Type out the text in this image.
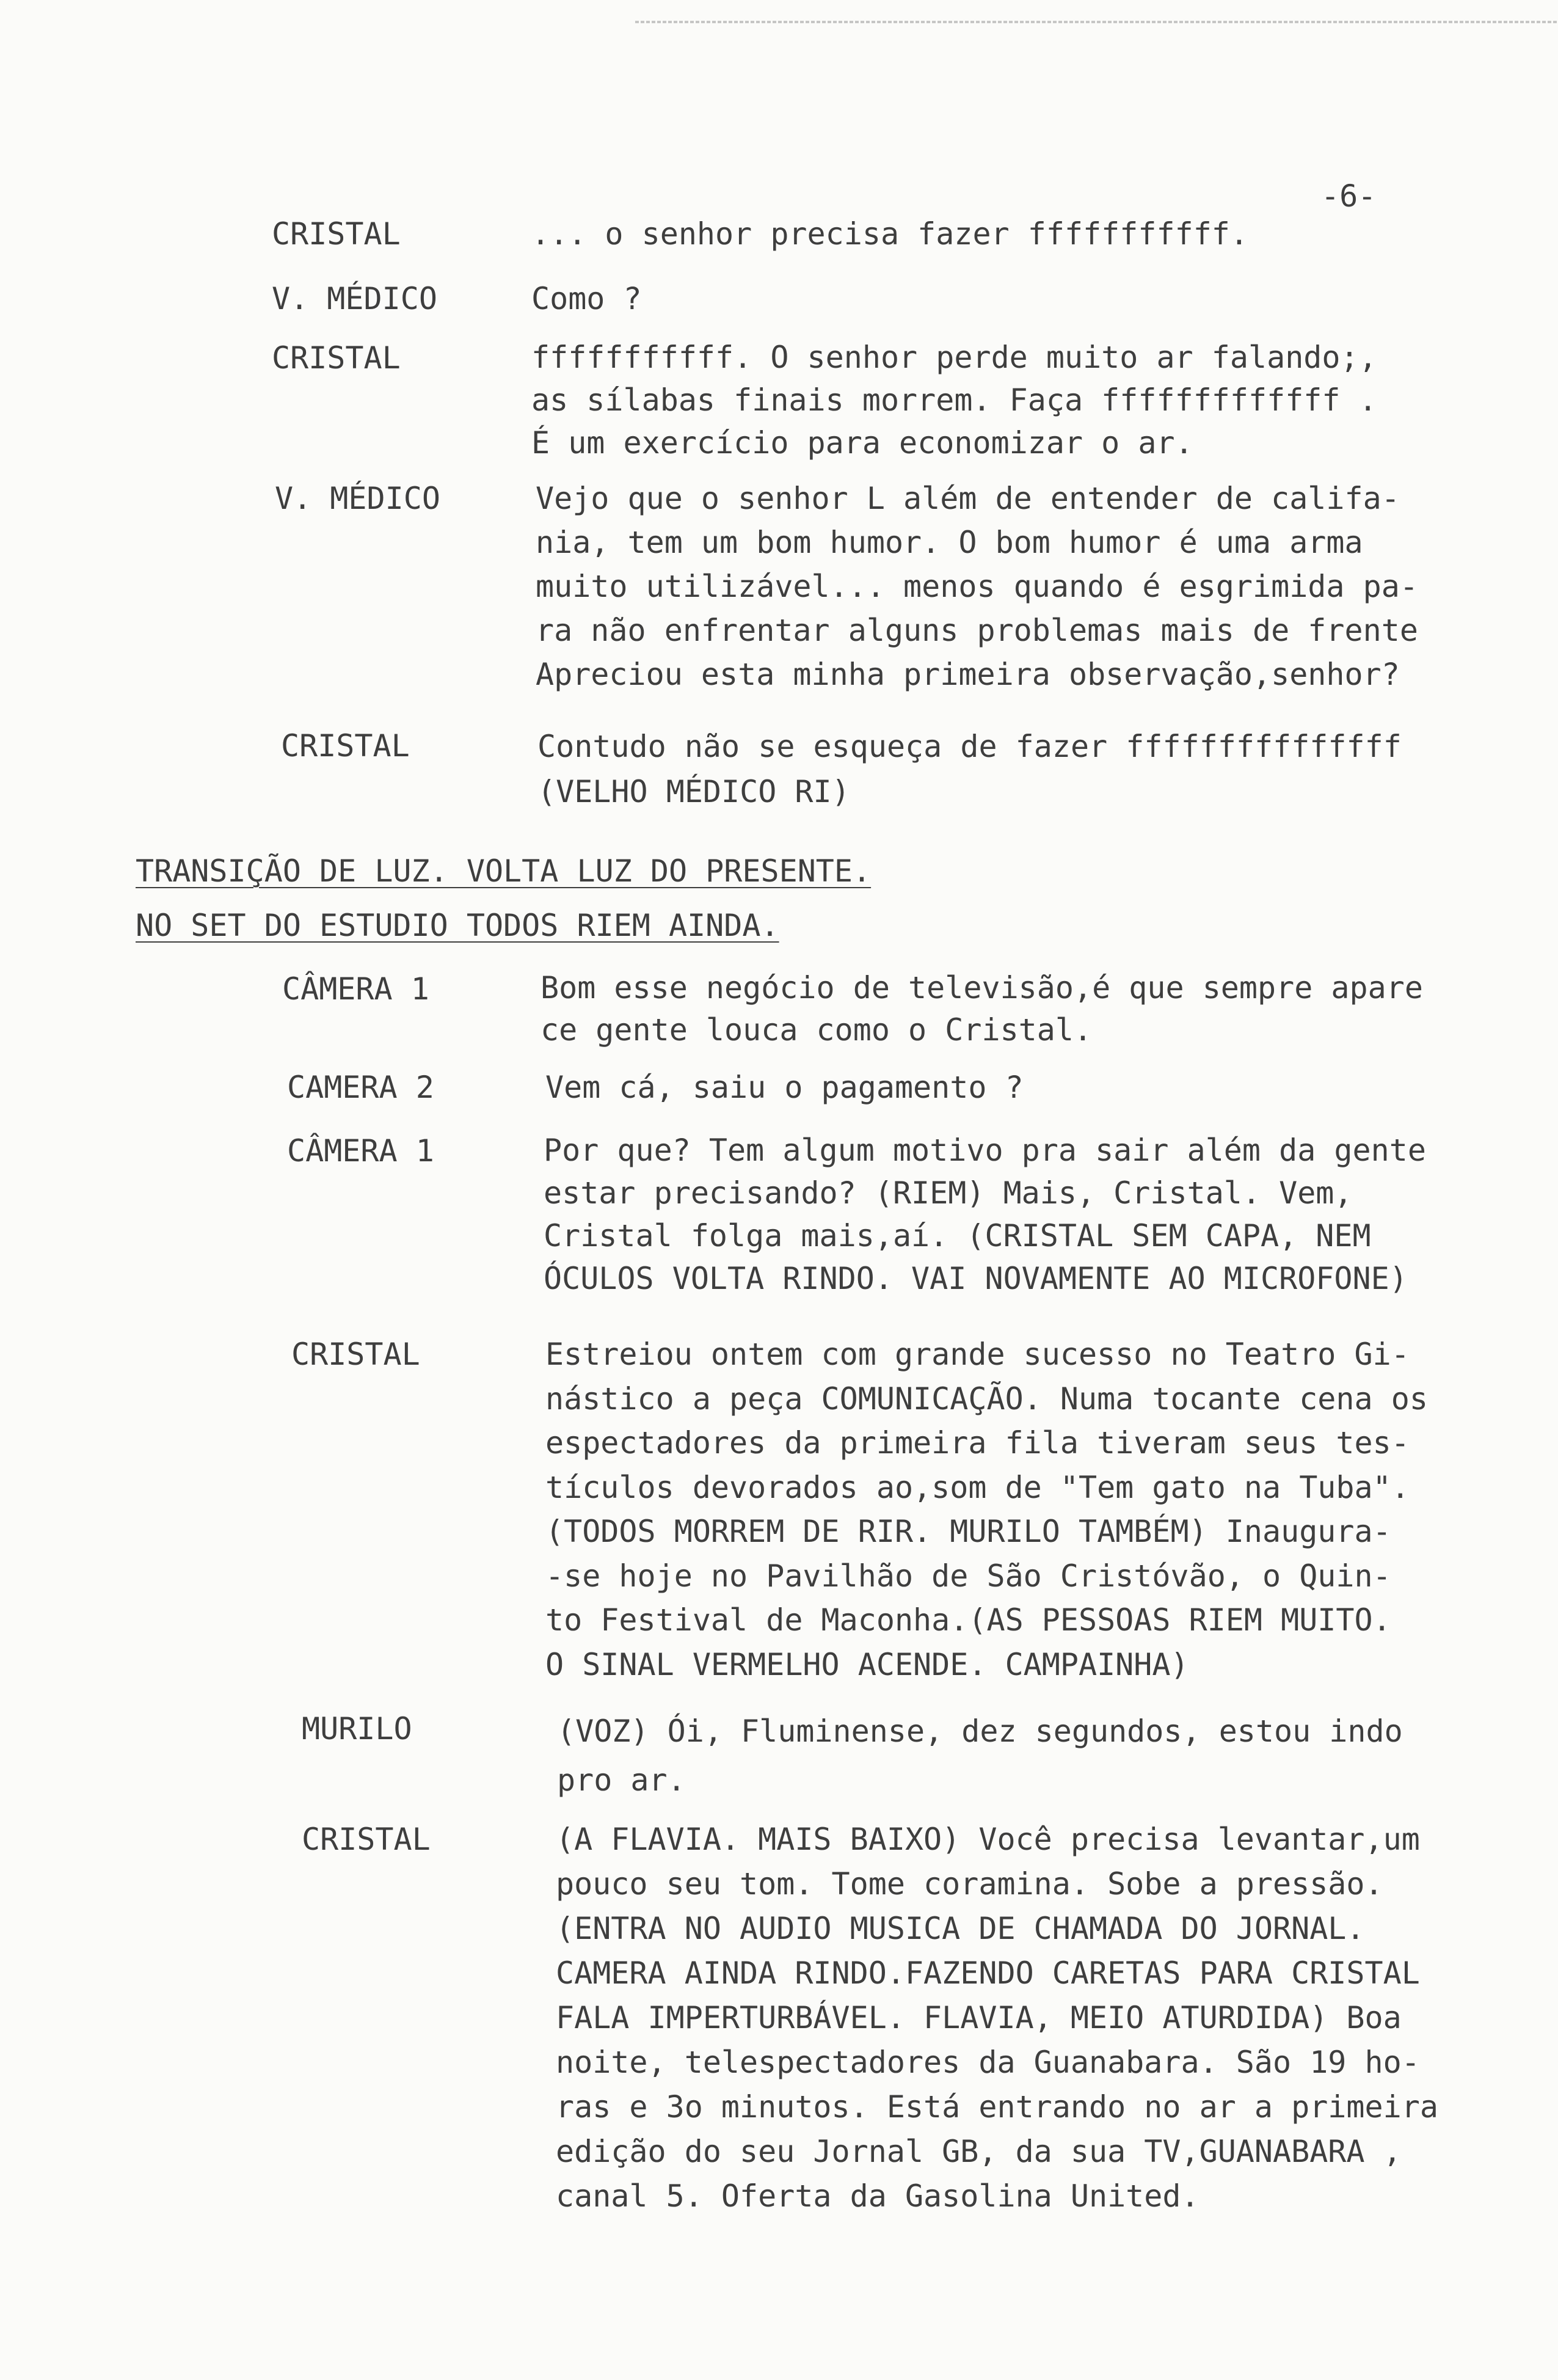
-6-
CRISTAL	... o senhor precisa fazer fffffffffff.
V. MÉDICO	Como ?
CRISTAL	fffffffffff. O senhor perde muito ar falando;,
as sílabas finais morrem. Faça fffffffffffff .
É um exercício para economizar o ar.
V. MÉDICO	Vejo que o senhor L além de entender de califa-
nia, tem um bom humor. O bom humor é uma arma
muito utilizável... menos quando é esgrimida pa-
ra não enfrentar alguns problemas mais de frente
Apreciou esta minha primeira observação,senhor?
CRISTAL	Contudo não se esqueça de fazer fffffffffffffff
(VELHO MÉDICO RI)
TRANSIÇÃO DE LUZ. VOLTA LUZ DO PRESENTE.
NO SET DO ESTUDIO TODOS RIEM AINDA.
CÂMERA 1	Bom esse negócio de televisão,é que sempre apare
ce gente louca como o Cristal.
CAMERA 2	Vem cá, saiu o pagamento ?
CÂMERA 1	Por que? Tem algum motivo pra sair além da gente
estar precisando? (RIEM) Mais, Cristal. Vem,
Cristal folga mais,aí. (CRISTAL SEM CAPA, NEM
ÓCULOS VOLTA RINDO. VAI NOVAMENTE AO MICROFONE)
CRISTAL	Estreiou ontem com grande sucesso no Teatro Gi-
nástico a peça COMUNICAÇÃO. Numa tocante cena os
espectadores da primeira fila tiveram seus tes-
tículos devorados ao,som de "Tem gato na Tuba".
(TODOS MORREM DE RIR. MURILO TAMBÉM) Inaugura-
-se hoje no Pavilhão de São Cristóvão, o Quin-
to Festival de Maconha.(AS PESSOAS RIEM MUITO.
O SINAL VERMELHO ACENDE. CAMPAINHA)
MURILO	(VOZ) Ói, Fluminense, dez segundos, estou indo
pro ar.
CRISTAL	(A FLAVIA. MAIS BAIXO) Você precisa levantar,um
pouco seu tom. Tome coramina. Sobe a pressão.
(ENTRA NO AUDIO MUSICA DE CHAMADA DO JORNAL.
CAMERA AINDA RINDO.FAZENDO CARETAS PARA CRISTAL
FALA IMPERTURBÁVEL. FLAVIA, MEIO ATURDIDA) Boa
noite, telespectadores da Guanabara. São 19 ho-
ras e 3o minutos. Está entrando no ar a primeira
edição do seu Jornal GB, da sua TV,GUANABARA ,
canal 5. Oferta da Gasolina United.
